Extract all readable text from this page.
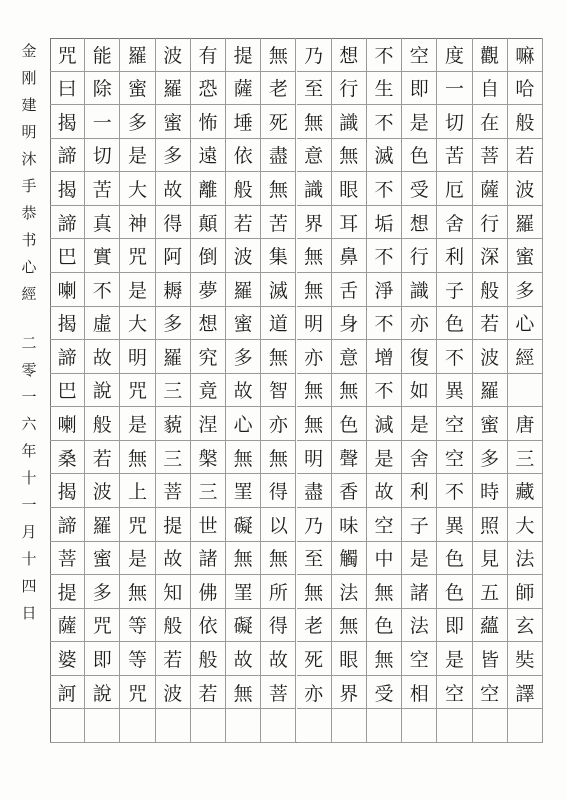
金
刚
建
明
沐
手
恭
书
心
經
二
零
一
六
年
十
一
月
十
四
日
嘛
哈
般
若
波
羅
蜜
多
心
經
唐
三
藏
大
法
師
玄
奘
譯
觀
自
在
菩
薩
行
深
般
若
波
羅
蜜
多
時
照
見
五
蘊
皆
空
度
一
切
苦
厄
舍
利
子
色
不
異
空
空
不
異
色
色
即
是
空
空
即
是
色
受
想
行
識
亦
復
如
是
舍
利
子
是
諸
法
空
相
不
生
不
滅
不
垢
不
淨
不
增
不
減
是
故
空
中
無
色
無
受
想
行
識
無
眼
耳
鼻
舌
身
意
無
色
聲
香
味
觸
法
無
眼
界
乃
至
無
意
識
界
無
無
明
亦
無
無
明
盡
乃
至
無
老
死
亦
無
老
死
盡
無
苦
集
滅
道
無
智
亦
無
得
以
無
所
得
故
菩
提
薩
埵
依
般
若
波
羅
蜜
多
故
心
無
罣
礙
無
罣
礙
故
無
有
恐
怖
遠
離
顛
倒
夢
想
究
竟
涅
槃
三
世
諸
佛
依
般
若
波
羅
蜜
多
故
得
阿
耨
多
羅
三
藐
三
菩
提
故
知
般
若
波
羅
蜜
多
是
大
神
咒
是
大
明
咒
是
無
上
咒
是
無
等
等
咒
能
除
一
切
苦
真
實
不
虛
故
說
般
若
波
羅
蜜
多
咒
即
說
咒
曰
揭
諦
揭
諦
巴
喇
揭
諦
巴
喇
桑
揭
諦
菩
提
薩
婆
訶
